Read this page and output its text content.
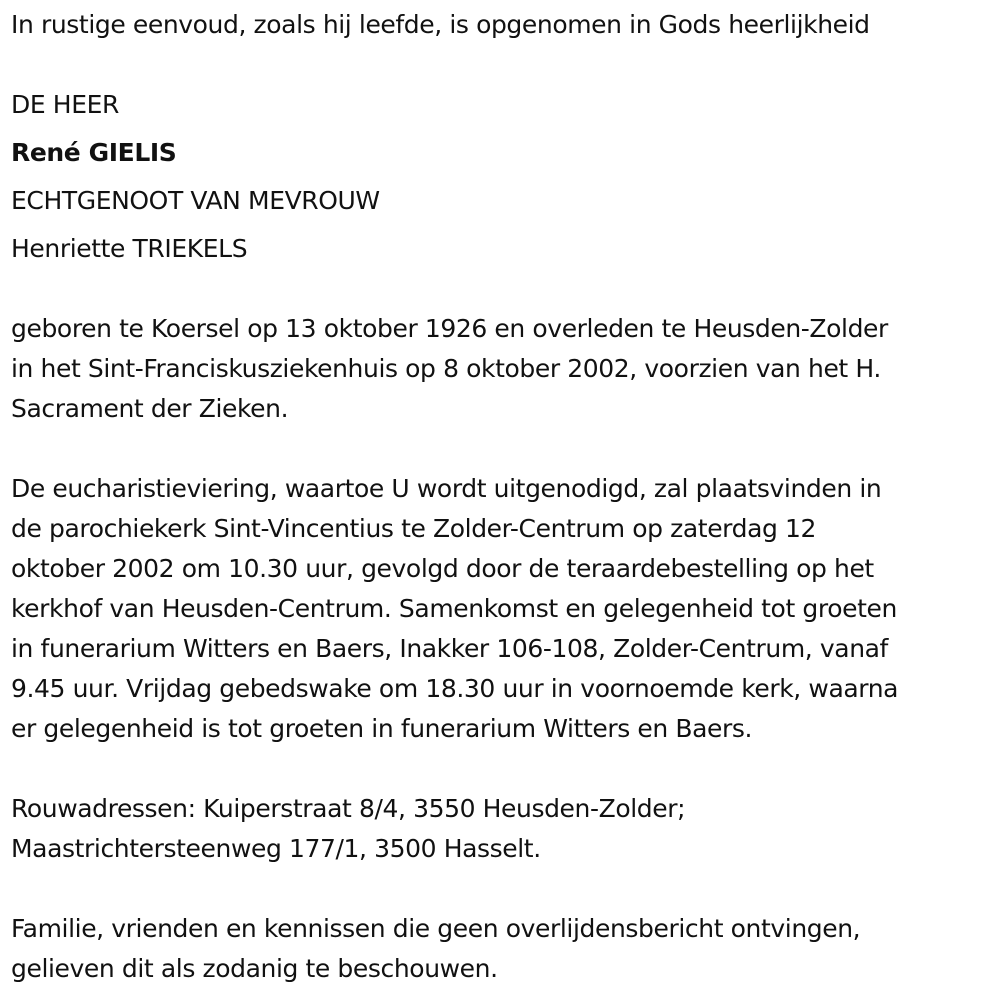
In rustige eenvoud, zoals hij leefde, is opgenomen in Gods heerlijkheid
DE HEER
René GIELIS
ECHTGENOOT VAN MEVROUW
Henriette TRIEKELS
geboren te Koersel op 13 oktober 1926 en overleden te Heusden-Zolder
in het Sint-Franciskusziekenhuis op 8 oktober 2002, voorzien van het H.
Sacrament der Zieken.
De eucharistieviering, waartoe U wordt uitgenodigd, zal plaatsvinden in
de parochiekerk Sint-Vincentius te Zolder-Centrum op zaterdag 12
oktober 2002 om 10.30 uur, gevolgd door de teraardebestelling op het
kerkhof van Heusden-Centrum. Samenkomst en gelegenheid tot groeten
in funerarium Witters en Baers, Inakker 106-108, Zolder-Centrum, vanaf
9.45 uur. Vrijdag gebedswake om 18.30 uur in voornoemde kerk, waarna
er gelegenheid is tot groeten in funerarium Witters en Baers.
Rouwadressen: Kuiperstraat 8/4, 3550 Heusden-Zolder;
Maastrichtersteenweg 177/1, 3500 Hasselt.
Familie, vrienden en kennissen die geen overlijdensbericht ontvingen,
gelieven dit als zodanig te beschouwen.
